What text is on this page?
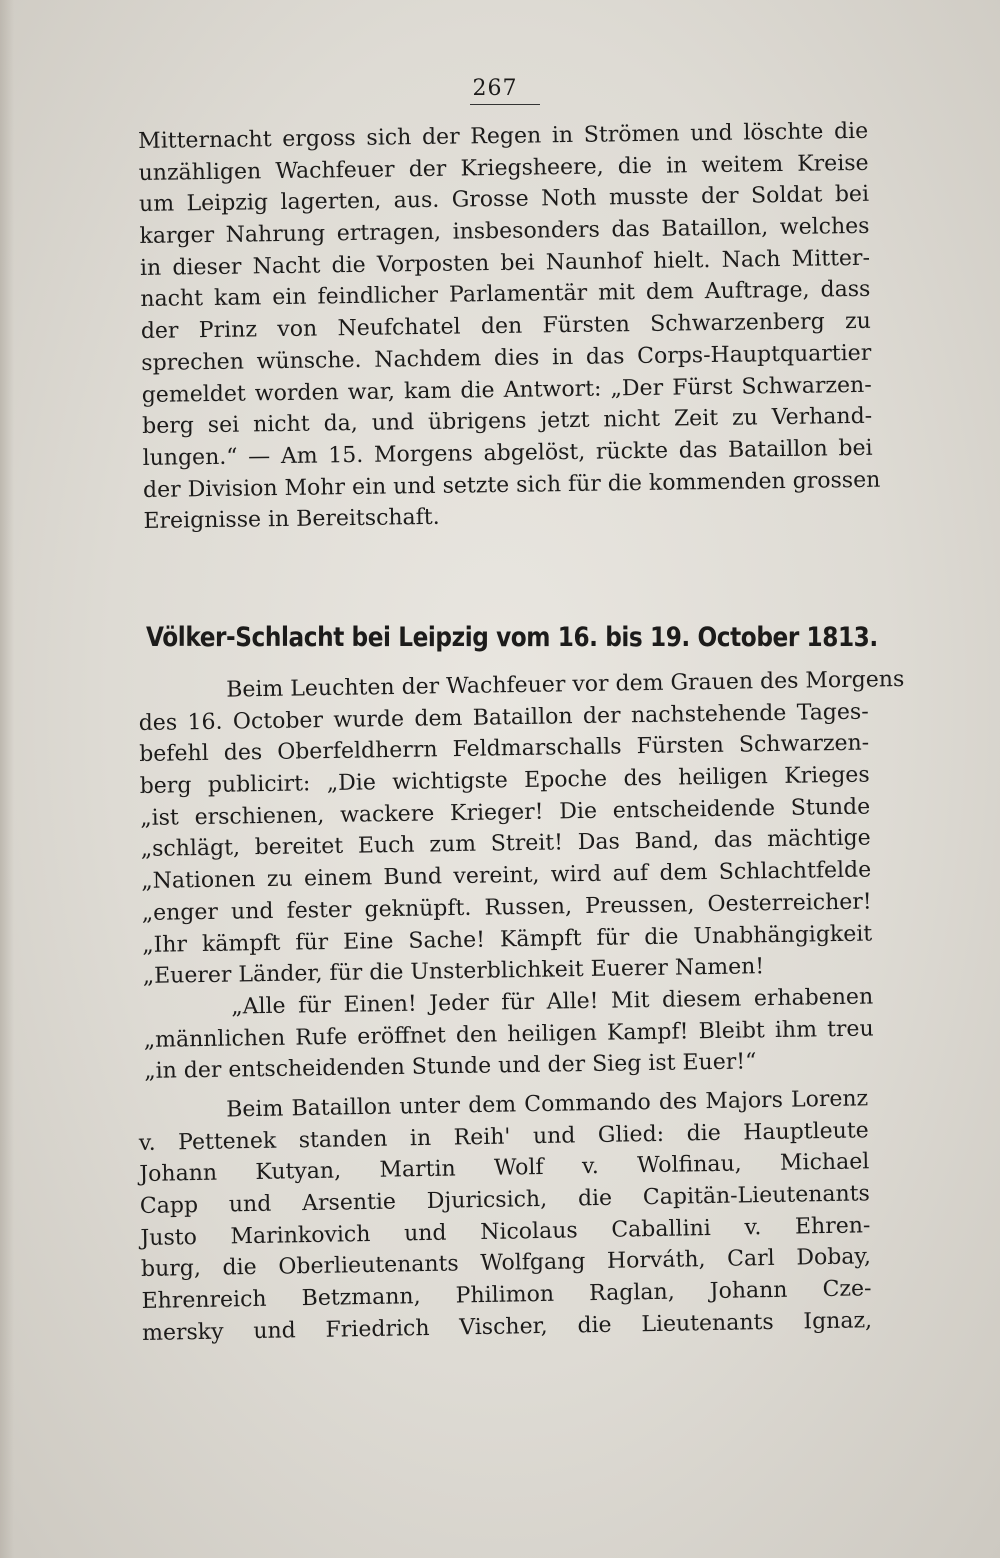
267
Mitternacht ergoss sich der Regen in Strömen und löschte die
unzähligen Wachfeuer der Kriegsheere, die in weitem Kreise
um Leipzig lagerten, aus. Grosse Noth musste der Soldat bei
karger Nahrung ertragen, insbesonders das Bataillon, welches
in dieser Nacht die Vorposten bei Naunhof hielt. Nach Mitter-
nacht kam ein feindlicher Parlamentär mit dem Auftrage, dass
der Prinz von Neufchatel den Fürsten Schwarzenberg zu
sprechen wünsche. Nachdem dies in das Corps-Hauptquartier
gemeldet worden war, kam die Antwort: „Der Fürst Schwarzen-
berg sei nicht da, und übrigens jetzt nicht Zeit zu Verhand-
lungen.“ — Am 15. Morgens abgelöst, rückte das Bataillon bei
der Division Mohr ein und setzte sich für die kommenden grossen
Ereignisse in Bereitschaft.
Völker-Schlacht bei Leipzig vom 16. bis 19. October 1813.
Beim Leuchten der Wachfeuer vor dem Grauen des Morgens
des 16. October wurde dem Bataillon der nachstehende Tages-
befehl des Oberfeldherrn Feldmarschalls Fürsten Schwarzen-
berg publicirt: „Die wichtigste Epoche des heiligen Krieges
„ist erschienen, wackere Krieger! Die entscheidende Stunde
„schlägt, bereitet Euch zum Streit! Das Band, das mächtige
„Nationen zu einem Bund vereint, wird auf dem Schlachtfelde
„enger und fester geknüpft. Russen, Preussen, Oesterreicher!
„Ihr kämpft für Eine Sache! Kämpft für die Unabhängigkeit
„Euerer Länder, für die Unsterblichkeit Euerer Namen!
„Alle für Einen! Jeder für Alle! Mit diesem erhabenen
„männlichen Rufe eröffnet den heiligen Kampf! Bleibt ihm treu
„in der entscheidenden Stunde und der Sieg ist Euer!“
Beim Bataillon unter dem Commando des Majors Lorenz
v. Pettenek standen in Reih' und Glied: die Hauptleute
Johann Kutyan, Martin Wolf v. Wolfinau, Michael
Capp und Arsentie Djuricsich, die Capitän-Lieutenants
Justo Marinkovich und Nicolaus Caballini v. Ehren-
burg, die Oberlieutenants Wolfgang Horváth, Carl Dobay,
Ehrenreich Betzmann, Philimon Raglan, Johann Cze-
mersky und Friedrich Vischer, die Lieutenants Ignaz,
